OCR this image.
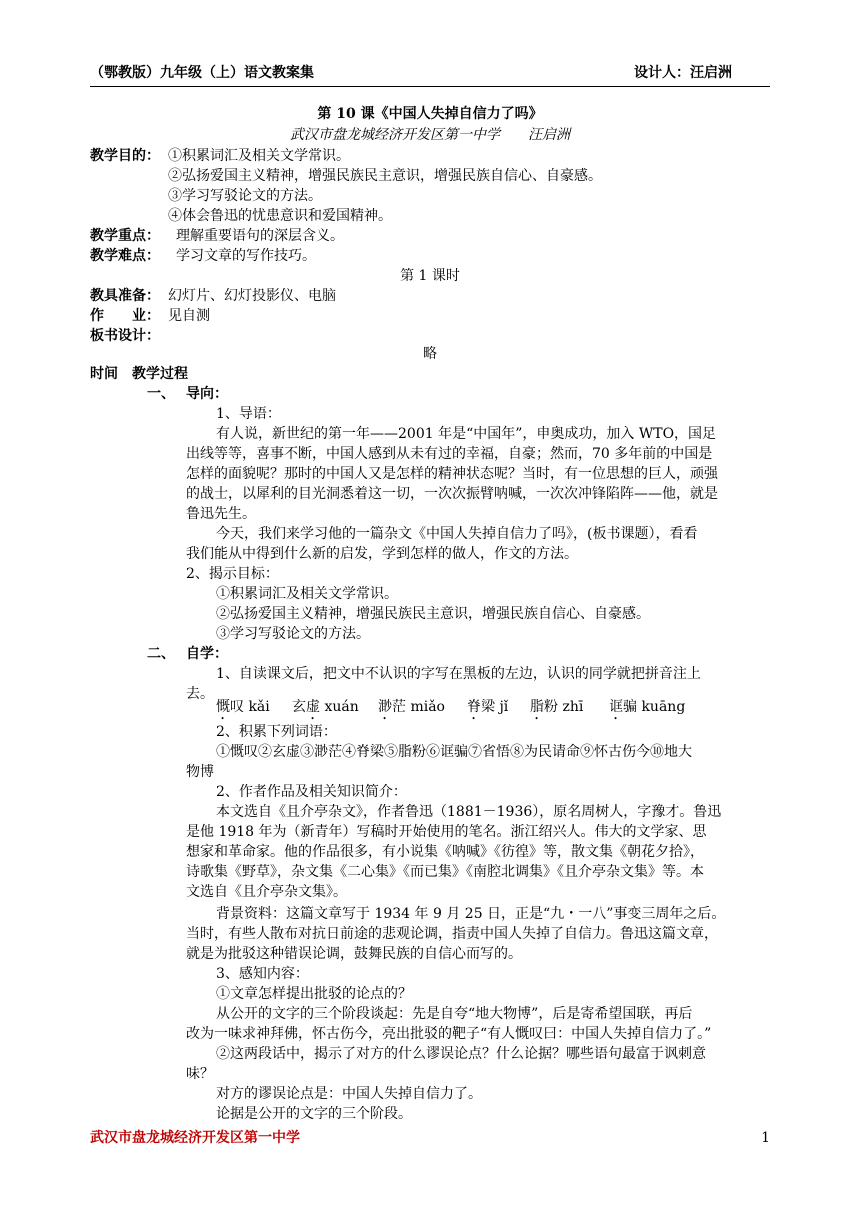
（鄂教版）九年级（上）语文教案集	设计人：汪启洲
第 10 课《中国人失掉自信力了吗》
武汉市盘龙城经济开发区第一中学　　汪启洲
教学目的： ①积累词汇及相关文学常识。
②弘扬爱国主义精神，增强民族民主意识，增强民族自信心、自豪感。
③学习写驳论文的方法。
④体会鲁迅的忧患意识和爱国精神。
教学重点： 理解重要语句的深层含义。
教学难点： 学习文章的写作技巧。
第 1 课时
教具准备： 幻灯片、幻灯投影仪、电脑
作　　业： 见自测
板书设计：
略
时间　教学过程
一、 导向：
1、导语：
有人说，新世纪的第一年——2001 年是“中国年”，申奥成功，加入 WTO，国足
出线等等，喜事不断，中国人感到从未有过的幸福，自豪；然而，70 多年前的中国是
怎样的面貌呢？那时的中国人又是怎样的精神状态呢？当时，有一位思想的巨人，顽强
的战士，以犀利的目光洞悉着这一切，一次次振臂呐喊，一次次冲锋陷阵——他，就是
鲁迅先生。
今天，我们来学习他的一篇杂文《中国人失掉自信力了吗》，(板书课题），看看
我们能从中得到什么新的启发，学到怎样的做人，作文的方法。
2、揭示目标：
①积累词汇及相关文学常识。
②弘扬爱国主义精神，增强民族民主意识，增强民族自信心、自豪感。
③学习写驳论文的方法。
二、 自学：
1、自读课文后，把文中不认识的字写在黑板的左边，认识的同学就把拼音注上
去。
慨叹 kǎi 玄虚 xuán 渺茫 miǎo 脊梁 jǐ 脂粉 zhī 诓骗 kuāng
2、积累下列词语：
①慨叹②玄虚③渺茫④脊梁⑤脂粉⑥诓骗⑦省悟⑧为民请命⑨怀古伤今⑩地大
物博
2、作者作品及相关知识简介：
本文选自《且介亭杂文》，作者鲁迅（1881－1936），原名周树人，字豫才。鲁迅
是他 1918 年为（新青年）写稿时开始使用的笔名。浙江绍兴人。伟大的文学家、思
想家和革命家。他的作品很多，有小说集《呐喊》《彷徨》等，散文集《朝花夕拾》，
诗歌集《野草》，杂文集《二心集》《而已集》《南腔北调集》《且介亭杂文集》等。本
文选自《且介亭杂文集》。
背景资料：这篇文章写于 1934 年 9 月 25 日，正是“九・一八”事变三周年之后。
当时，有些人散布对抗日前途的悲观论调，指责中国人失掉了自信力。鲁迅这篇文章，
就是为批驳这种错误论调，鼓舞民族的自信心而写的。
3、感知内容：
①文章怎样提出批驳的论点的？
从公开的文字的三个阶段谈起：先是自夸“地大物博”，后是寄希望国联，再后
改为一味求神拜佛，怀古伤今，亮出批驳的靶子“有人慨叹曰：中国人失掉自信力了。”
②这两段话中，揭示了对方的什么谬误论点？什么论据？哪些语句最富于讽刺意
味？
对方的谬误论点是：中国人失掉自信力了。
论据是公开的文字的三个阶段。
武汉市盘龙城经济开发区第一中学	1
